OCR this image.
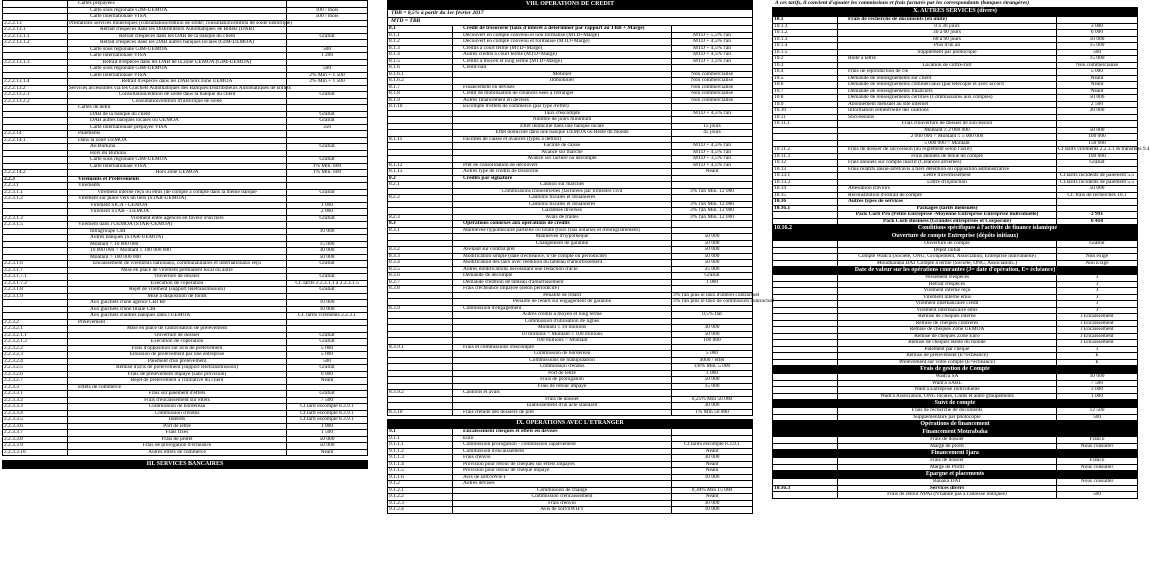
	Cartes prépayées	
	Carte sous régionale GIM-UEMOA	100 / mois
	Carte internationale VISA	500 / mois
2.2.2.13	Prestations services monétiques (consultation/édition de solde; consultation/édition de solde historique)	
2.2.2.13.1	Retrait d'espèces dans les Distributeurs Automatiques de Billets (DAB)	
2.2.2.13.1.1	Retrait d'espèces dans les DAB de la banque du client	Gratuit
2.2.2.13.1.2	Retrait d'espèces dans les DAB autres banques locales (GIM-UEMOA)	
	Carte sous régionale GIM-UEMOA	500
	Carte internationale VISA	1 200
2.2.2.13.1.3	Retrait d'espèces dans les DAB de la zone UEMOA (GIM-UEMOA)	
	Carte sous régionale GIM-UEMOA	500
	Carte internationale VISA	2% Min + 1 500
2.2.2.13.1.4	Retrait d'espèces dans les DAB hors zone UEMOA	2% Min + 1 500
2.2.2.13.2	Services accessibles via les Guichets Automatiques des Banques/Distributeurs Automatiques de Billets	
2.2.2.13.2.1	Consultation/édition de solde dans la banque du client	Gratuit
2.2.2.13.2.2	Consultation/édition d'historique de solde	
	Cartes de débit	
	DAB de la banque du client	Gratuit
	DAB autres banques locales ou UEMOA	Gratuit
	Carte internationale prépayée VISA	350
2.2.2.14	Paiements	
2.2.2.14.1	Dans la zone UEMOA	
	Au Burkina	Gratuit
	Hors du Burkina	
	Carte sous régionale GIM-UEMOA	Gratuit
	Carte internationale VISA	1% Min. 600
2.2.2.14.2	Hors zone UEMOA	1% Min. 600
2.2.3	Virements et Prélèvements	
2.2.3.1	Virements	
2.2.3.1.1	Virement interne reçu ou émis (de compte à compte dans la même banque	Gratuit
2.2.3.1.2	Virement sur place vers un tiers (STAR-UEMOA)	
	Virement SICA - UEMOA	1 000
	Virement STAR - UEMOA	2 000
2.2.3.1.3	Virement entre agences en faveur d'un tiers	Gratuit
2.2.3.1.5	Virement dans l'UEMOA (STAR-UEMOA)	
	Intragroupe CBI	10 000
	Autres banques (STAR-UEMOA)	
	Montant < 10 000 000	15 000
	10 000 000 < Montant ≤ 100 000 000	30 000
	Montant > 100 000 000	50 000
2.2.3.1.6	Encaissement de virements nationaux, communautaires et internationaux reçu	Gratuit
2.2.3.1.7	Mise en place de virement permanent local ou autre	
2.2.3.1.7.1	Ouverture de dossier	Gratuit
2.2.3.1.7.2	Exécution de l'opération	Cf. tarifs 2.2.3.1.1 à 2.2.3.1.5
2.2.3.1.8	Rejet de virement (support télétransmission)	Gratuit
2.2.3.1.9	Mise à disposition de fonds	
	Aux guichets d'une agence CBI BF	10 000
	Aux guichets d'une filiale CBI	10 000
	Aux guichets d'autres banques dans l'UEMOA	Cf. tarifs virements 2.2.3.1
2.2.3.2	Prélèvement	
2.2.3.2.1	Mise en place de l'autorisation de prélèvement	
2.2.3.2.1.1	Ouverture de dossier	Gratuit
2.2.3.2.1.2	Exécution de l'opération	Gratuit
2.2.3.2.2	Frais d'opposition sur avis de prélèvement	5 000
2.2.3.2.3	Emission de prélèvement par une entreprise	5 000
2.2.3.2.4	Paiement d'un prélèvement	500
2.2.3.2.5	Remise d'avis de prélèvement (support télétransmission)	Gratuit
2.2.3.2.6	Frais de prélèvement impayé (sans provision)	6 000
2.2.3.2.7	Rejet de prélèvement à l'initiative du client	Néant
2.2.3.3	Effets de commerce	
2.2.3.3.1	Frais sur paiement d'effets	Gratuit
2.2.3.3.2	Frais d'encaissement sur effets	7 500
2.2.3.3.3	Commission de bordereau	Cf.tarif escompte 8.3.9.1
2.2.3.3.4	Commission d'endos	Cf.tarif escompte 8.3.9.1
2.2.3.3.5	Intérêts	Cf.tarif escompte 8.3.9.1
2.2.3.3.6	Port de lettre	1 000
2.2.3.3.7	Frais fixes	1 500
2.2.3.3.8	Frais de protêt	50 000
2.2.3.3.9	Frais de prorogation d'échéance	50 000
2.2.3.3.10	Autres effets de commerce	Néant
III. SERVICES BANCAIRES
VIII. OPERATIONS DE CREDIT
TBB = 8,5% à partir du 1er février 2017
MTD = TBB
8.1	Crédit de trésorerie (taux d'intérêt à déterminer par rapport au TBB + Marge)	
8.1.1	Découvert en compte convenu et non formalisé (MTD+Marge)	MTD + 5,5% l'an
8.1.2	Découvert en compte convenu et formalisé (MTD+Marge)	MTD + 4,5% l'an
8.1.3	Crédits à court terme (MTD+Marge)	MTD + 4,5% l'an
8.1.4	Autres crédits à court terme (MTD+Marge)	MTD + 4,5% l'an
8.1.5	Crédits à moyen et long terme (MTD+Marge)	MTD + 3,5% l'an
8.1.6	Crédit-bail	
8.1.6.1	Mobilier	Non commercialisé
8.1.6.2	Immobilier	Non commercialisé
8.1.7	Financement en devises	Non commercialisé
8.1.8	Crédit de mobilisation de créances nées à l'étranger	Non commercialisé
8.1.9	Autres financement en devises	Non commercialisé
8.1.10	Escompte d'effets de commerce (par type d'effet)	
	Taux d'escompte	MTD + 4,5% l'an
	Nombre de jours minimum	
	Effet domicilié dans une banque locale	15 jours
	Effet domicilié dans une banque UEMOA ou Reste du monde	45 jours
8.1.11	Facilités de caisse et avances (types à définir)	
	Facilité de caisse	MTD + 4,5% l'an
	Avance sur marché	MTD + 4,5% l'an
	Avance sur facture ou décompte	MTD + 3,5% l'an
8.1.12	Prêt de consolidation de découvert	MTD + 4,5% l'an
8.1.13	Autres type de crédits de trésorerie	Néant
8.2	Crédits par signature	
8.2.1	Caution sur marchés	
	Commissions trimestrielles (facturées par trimestre civil	3% l'an Min. 12 000
8.2.2	Cautions fiscales et douanières	
	Cautions fiscales et douanières	3% l'an Min. 12 000
	Garanties diverses	3% l'an Min. 12 000
8.2.3	Avals de traites	3% l'an Min. 12 000
8.3	Opérations connexes aux opérations de crédits	
8.3.1	Mainlevée hypothécaire partielle ou totale (hors frais notariés et d'enregistrement)	
	Mainlevée d'hypothèque	50 000
	Changement de garantie	50 000
8.3.2	Avenant sur contrat prêt	50 000
8.3.3	Modification simple (date d'échéance, n°de compte ou périodicité)	50 000
8.3.4	Modification des taux avec réédition du tableau d'amortissement	50 000
8.3.5	Autres modifications nécessitant une rédaction d'acte	25 000
8.3.6	Demande de décompte	Gratuit
8.3.7	Demande d'édition de tableau d'amortissement	1 000
8.3.8	Frais d'échéance impayée (selon périodicité)	
	Pénalité de retard	3% l'an plus le taux d'intérêt contractuel
	Pénalité de retard sur engagement de garantie	3% l'an plus le taux de commission contractuel
8.3.9	Commission d'engagement	
	Autres crédits à moyen et long terme	0,5% flat
	Commission d'utilisation de lignes	
	Montant ≤ 10 millions	30 000
	10 millions < Montant ≤ 100 millions	50 000
	100 millions < Montant	100 000
8.3.9.1	Frais et commissions d'escompte	
	Commission de bordereau	5 000
	Commissions de manipulation	4000 / effet
	Commission d'endos	1/8% Min. 5 000
	Port de lettre	1 000
	Frais de prorogation	50 000
	Frais de retour impayé	15 000
8.3.9.2	Cautions et avals	
	Frais de dossier	0,25% Min 50 000
	Etablissement d'un acte standard	30 000
8.3.10	Frais d'étude des dossiers de prêt	1% Min 50 000
IX. OPERATIONS AVEC L'ETRANGER
9.1	Encaissement chèques et effets en devises	
9.1.1	Euro	
9.1.1.1	Commission prorogation - commission rapatriement	Cf tarifs escompte 8.3.9.1
9.1.1.2	Commission d'encaissement	Néant
9.1.1.3	Frais d'envoi	30 000
9.1.1.4	Provision pour retour de chèques sur effets impayés	Néant
9.1.1.5	Provision pour retour de chèque impayé	Néant
9.1.1.6	Avis de sort/SWIFT	10 000
9.1.2	Autres devises	
9.1.2.1	Commission de change	0,30% Min 15 000
9.1.2.2	Commission d'encaissement	Néant
9.1.2.3	Frais d'envoi	30 000
9.1.2.4	Avis de sort/SWIFT	10 000
A ces tarifs, il convient d'ajouter les commissions et frais facturés par les correspondants (banques étrangères)
X. AUTRES SERVICES (divers)
10.1	Frais de recherche de documents (en unité)	
10.1.1	0 à 30 jours	3 000
10.1.2	30 à 60 jours	6 000
10.1.3	60 à 90 jours	10 000
10.1.4	Plus d'un an	15 000
10.1.5	Supplément par photocopie	500
10.2	Boîte à lettre	15 000
10.3	Location de coffre-fort	Non commercialisé
10.4	Frais de reproduction de clé	5 000
10.5	Demande de renseignements sur client	Néant
10.6	Demande de renseignements commerciaux (par télécopie et avec accord	Néant
10.7	Demande de renseignements financiers	Néant
10.8	Demande de renseignements certifiés (Commissaires aux comptes)	50 000
10.9	Abonnement mensuel au site internet	2 500
10.10	Information semestrielle des cautions	30 000
10.11	Successions	
10.11.1	Frais d'ouverture de dossier de succession	
	Montant ≤ 2 000 000	50 000
	2 000 000 < Montant ≤ 5 000 000	100 000
	5 000 000 < Montant	150 000
10.11.2	Frais de dossier de succession (au règlement selon l'actif)	Cf tarifs virements 2.2.3.1 & transferts 9.4
10.11.3	Frais annuels de tenue de compte	100 000
10.12	Frais annuels sur compte inactif (Créances arriérées)	Gratuit
10.13	Frais relatifs saisie-arrêt/avis à tiers détention ou opposition administrative	
10.13.1	Lettre d'avertissement	Cf.tarifs incidents de paiement 5.5
10.13.2	Lettre d'injonction	Cf.tarifs incidents de paiement 5.5
10.14	Attestation d'avoirs	50 000
10.15	Reconstitution d'extrait de compte	Cf. frais de recherches 10.1
10.16	Autres types de services	
10.16.1	Packages (tarifs mensuels)	
	Pack Corb Pro (Petite Entreprise -Moyenne Entreprise Entreprise individuelle)	2 991
	Pack Corb Business (Grandes entreprises et Corporate)	6 410
10.16.2	Conditions spécifiques à l'activité de finance islamique	
Ouverture de compte Entreprise (dépôts initiaux)		
	Ouverture de compte	Gratuit
	Dépôt initial	
	Compte Wadi'a (Société, ONG, Groupement, Association, Entreprise individuelle)	Non exigé
	Moudharaba DAT Compte à terme (Société, ONG, Association..)	Non Exigé
Date de valeur sur les opérations courantes (J= date d'opération, E= échéance)		
	Versement d'espèces	J
	Retrait d'espèces	J
	Virement interne reçu	J
	Virement interne émis	J
	Virement interbancaire crédit	J
	Virement interbancaire émis	J
	Remise de chèques interne	J Encaissement
	Remise de chèques confrères	J Encaissement
	Remise de chèques Zone UEMOA	J Encaissement
	Remise de chèques Zone Euro	J Encaissement
	Remise de chèques Reste du monde	J Encaissement
	Paiement par chèque	J
	Remise de prélèvement (E=échéance)	E
	Prélèvement sur votre compte (E=échéance)	E
Frais de gestion de Compte		
	Wadi'a SA	10 000
	Wadi'a SARL	7 500
	Wadi'a Entreprise Individuelle	3 000
	Wadi'a Association, ONG locales, Clubs et autre groupements	1 000
Suivi de compte		
	Frais de recherche de documents	12 500
	Supplémentaire par photocopie	500
Opérations de financement		
Financement Mourabaha		
	Frais de dossier	Franco
	Marge de profit	Nous consulter
Financement Ijara		
	Frais de dossier	Franco
	Marge de Profit	Nous consulter
Epargne et placements		
	Bauaka DAT	Nous consulter
10.16.3	Services divers	
	Frais de retour NPAI (N'habite pas à l'adresse indiquée)	500
